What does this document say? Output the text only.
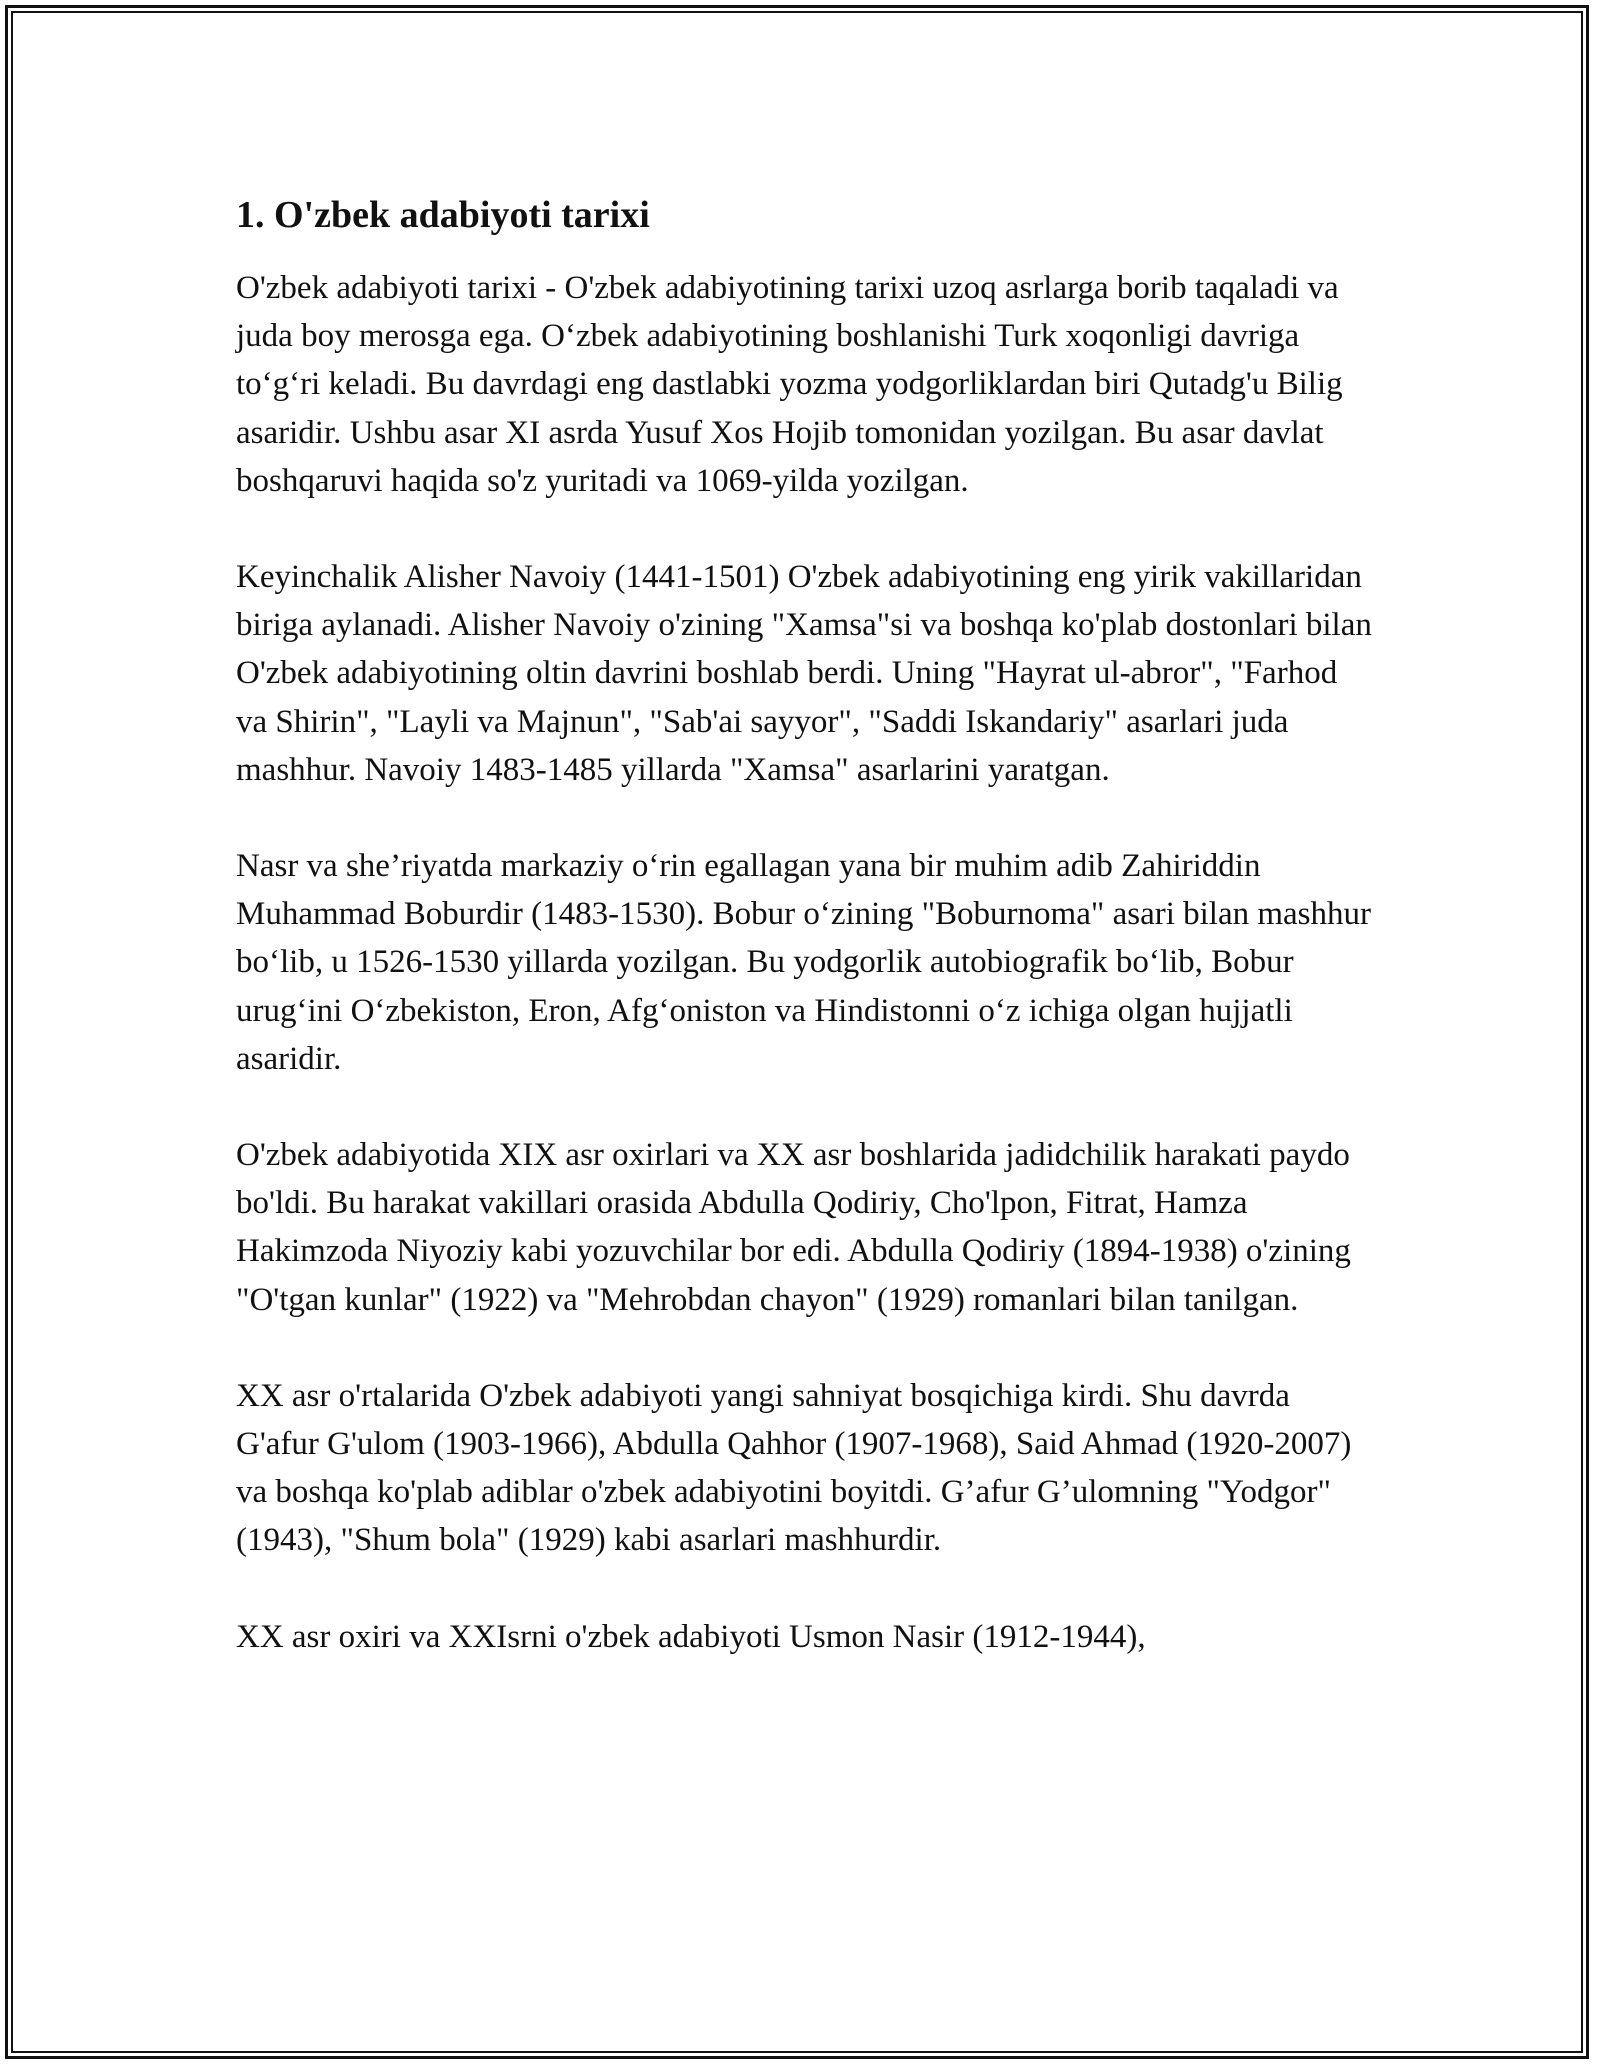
1. O'zbek adabiyoti tarixi

O'zbek adabiyoti tarixi - O'zbek adabiyotining tarixi uzoq asrlarga borib taqaladi va juda boy merosga ega. O‘zbek adabiyotining boshlanishi Turk xoqonligi davriga to‘g‘ri keladi. Bu davrdagi eng dastlabki yozma yodgorliklardan biri Qutadg'u Bilig asaridir. Ushbu asar XI asrda Yusuf Xos Hojib tomonidan yozilgan. Bu asar davlat boshqaruvi haqida so'z yuritadi va 1069-yilda yozilgan.

Keyinchalik Alisher Navoiy (1441-1501) O'zbek adabiyotining eng yirik vakillaridan biriga aylanadi. Alisher Navoiy o'zining "Xamsa"si va boshqa ko'plab dostonlari bilan O'zbek adabiyotining oltin davrini boshlab berdi. Uning "Hayrat ul-abror", "Farhod va Shirin", "Layli va Majnun", "Sab'ai sayyor", "Saddi Iskandariy" asarlari juda mashhur. Navoiy 1483-1485 yillarda "Xamsa" asarlarini yaratgan.

Nasr va she’riyatda markaziy o‘rin egallagan yana bir muhim adib Zahiriddin Muhammad Boburdir (1483-1530). Bobur o‘zining "Boburnoma" asari bilan mashhur bo‘lib, u 1526-1530 yillarda yozilgan. Bu yodgorlik autobiografik bo‘lib, Bobur urug‘ini O‘zbekiston, Eron, Afg‘oniston va Hindistonni o‘z ichiga olgan hujjatli asaridir.

O'zbek adabiyotida XIX asr oxirlari va XX asr boshlarida jadidchilik harakati paydo bo'ldi. Bu harakat vakillari orasida Abdulla Qodiriy, Cho'lpon, Fitrat, Hamza Hakimzoda Niyoziy kabi yozuvchilar bor edi. Abdulla Qodiriy (1894-1938) o'zining "O'tgan kunlar" (1922) va "Mehrobdan chayon" (1929) romanlari bilan tanilgan.

XX asr o'rtalarida O'zbek adabiyoti yangi sahniyat bosqichiga kirdi. Shu davrda G'afur G'ulom (1903-1966), Abdulla Qahhor (1907-1968), Said Ahmad (1920-2007) va boshqa ko'plab adiblar o'zbek adabiyotini boyitdi. G’afur G’ulomning "Yodgor" (1943), "Shum bola" (1929) kabi asarlari mashhurdir.

XX asr oxiri va XXIsrni o'zbek adabiyoti Usmon Nasir (1912-1944),
